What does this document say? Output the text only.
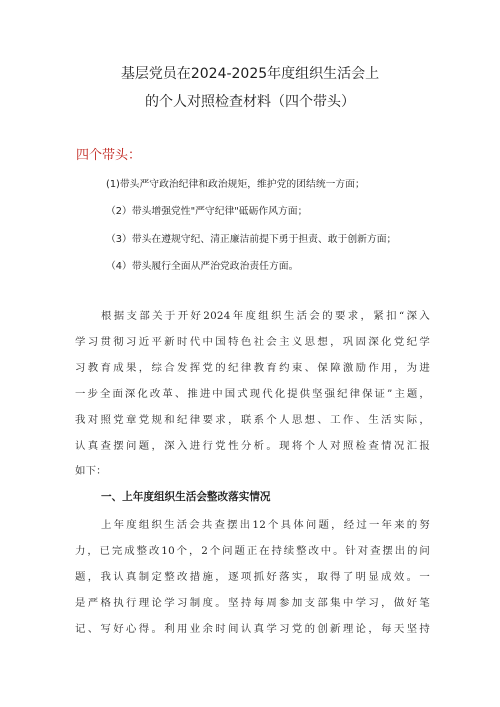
基层党员在2024-2025年度组织生活会上
的个人对照检查材料（四个带头）
四个带头：
(1)带头严守政治纪律和政治规矩，维护党的团结统一方面；
（2）带头增强党性"严守纪律"砥砺作风方面；
（3）带头在遵规守纪、清正廉洁前提下勇于担责、敢于创新方面；
（4）带头履行全面从严治党政治责任方面。
根据支部关于开好2024年度组织生活会的要求，紧扣“深入
学习贯彻习近平新时代中国特色社会主义思想，巩固深化党纪学
习教育成果，综合发挥党的纪律教育约束、保障激励作用，为进
一步全面深化改革、推进中国式现代化提供坚强纪律保证”主题，
我对照党章党规和纪律要求，联系个人思想、工作、生活实际，
认真查摆问题，深入进行党性分析。现将个人对照检查情况汇报
如下：
一、上年度组织生活会整改落实情况
上年度组织生活会共查摆出12个具体问题，经过一年来的努
力，已完成整改10个，2个问题正在持续整改中。针对查摆出的问
题，我认真制定整改措施，逐项抓好落实，取得了明显成效。一
是严格执行理论学习制度。坚持每周参加支部集中学习，做好笔
记、写好心得。利用业余时间认真学习党的创新理论，每天坚持
